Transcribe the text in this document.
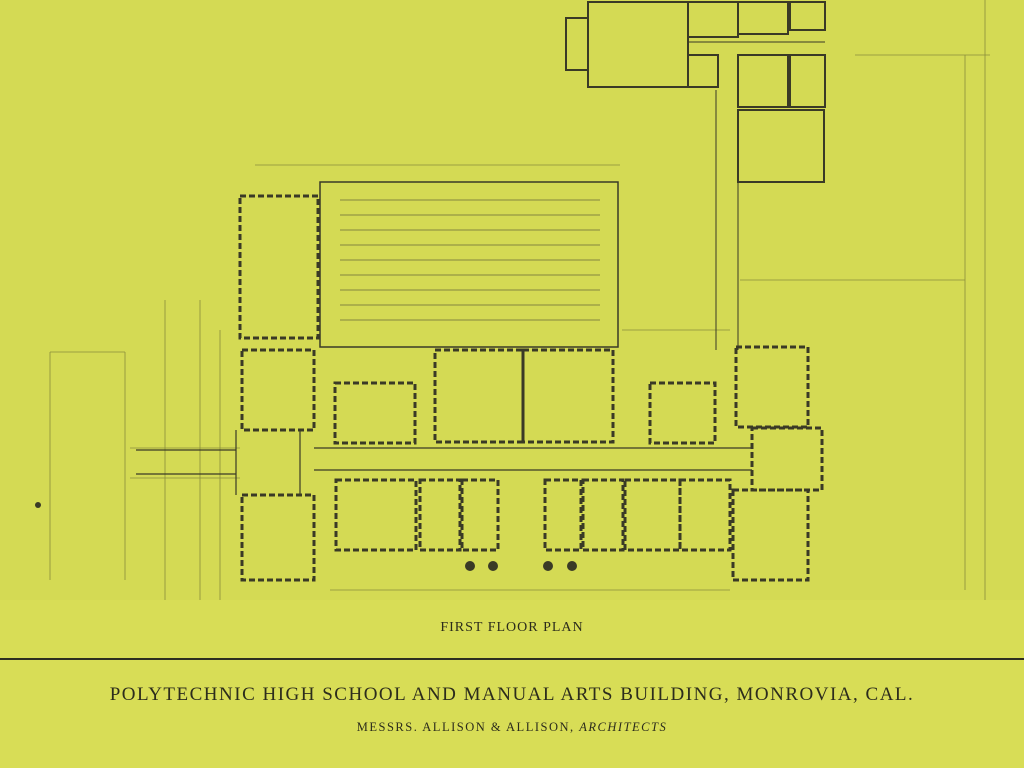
FIRST FLOOR PLAN
POLYTECHNIC HIGH SCHOOL AND MANUAL ARTS BUILDING, MONROVIA, CAL.
MESSRS. ALLISON & ALLISON, ARCHITECTS
